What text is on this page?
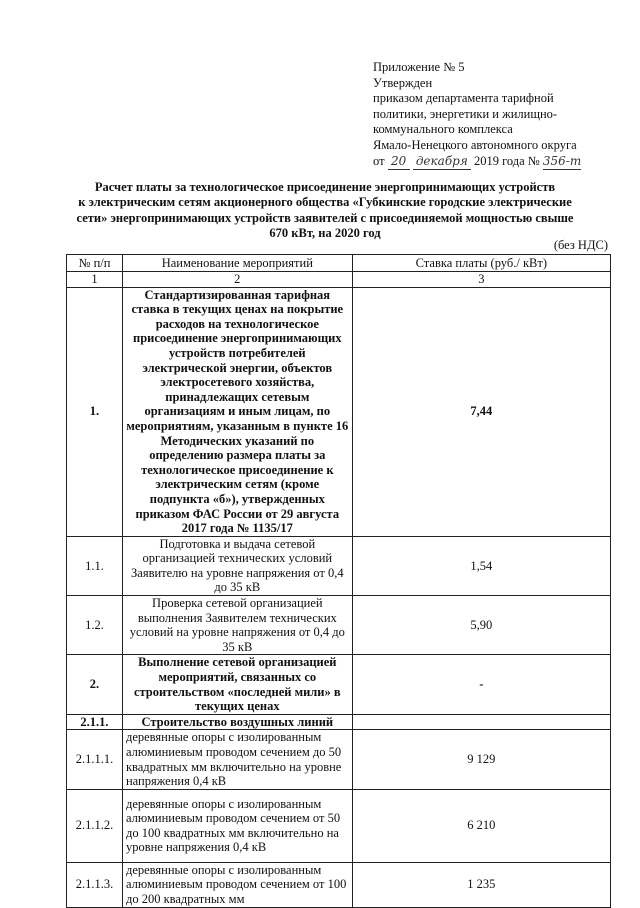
Приложение № 5
Утвержден
приказом департамента тарифной
политики, энергетики и жилищно-
коммунального комплекса
Ямало-Ненецкого автономного округа
от 20 декабря 2019 года № 356-т
Расчет платы за технологическое присоединение энергопринимающих устройств
к электрическим сетям акционерного общества «Губкинские городские электрические
сети» энергопринимающих устройств заявителей с присоединяемой мощностью свыше
670 кВт, на 2020 год
(без НДС)
№ п/п	Наименование мероприятий	Ставка платы (руб./ кВт)
1	2	3
1.	Стандартизированная тарифная ставка в текущих ценах на покрытие расходов на технологическое присоединение энергопринимающих устройств потребителей электрической энергии, объектов электросетевого хозяйства, принадлежащих сетевым организациям и иным лицам, по мероприятиям, указанным в пункте 16 Методических указаний по определению размера платы за технологическое присоединение к электрическим сетям (кроме подпункта «б»), утвержденных приказом ФАС России от 29 августа 2017 года № 1135/17	7,44
1.1.	Подготовка и выдача сетевой организацией технических условий Заявителю на уровне напряжения от 0,4 до 35 кВ	1,54
1.2.	Проверка сетевой организацией выполнения Заявителем технических условий на уровне напряжения от 0,4 до 35 кВ	5,90
2.	Выполнение сетевой организацией мероприятий, связанных со строительством «последней мили» в текущих ценах	-
2.1.1.	Строительство воздушных линий	
2.1.1.1.	деревянные опоры с изолированным алюминиевым проводом сечением до 50 квадратных мм включительно на уровне напряжения 0,4 кВ	9 129
2.1.1.2.	деревянные опоры с изолированным алюминиевым проводом сечением от 50 до 100 квадратных мм включительно на уровне напряжения 0,4 кВ	6 210
2.1.1.3.	деревянные опоры с изолированным алюминиевым проводом сечением от 100 до 200 квадратных мм	1 235
